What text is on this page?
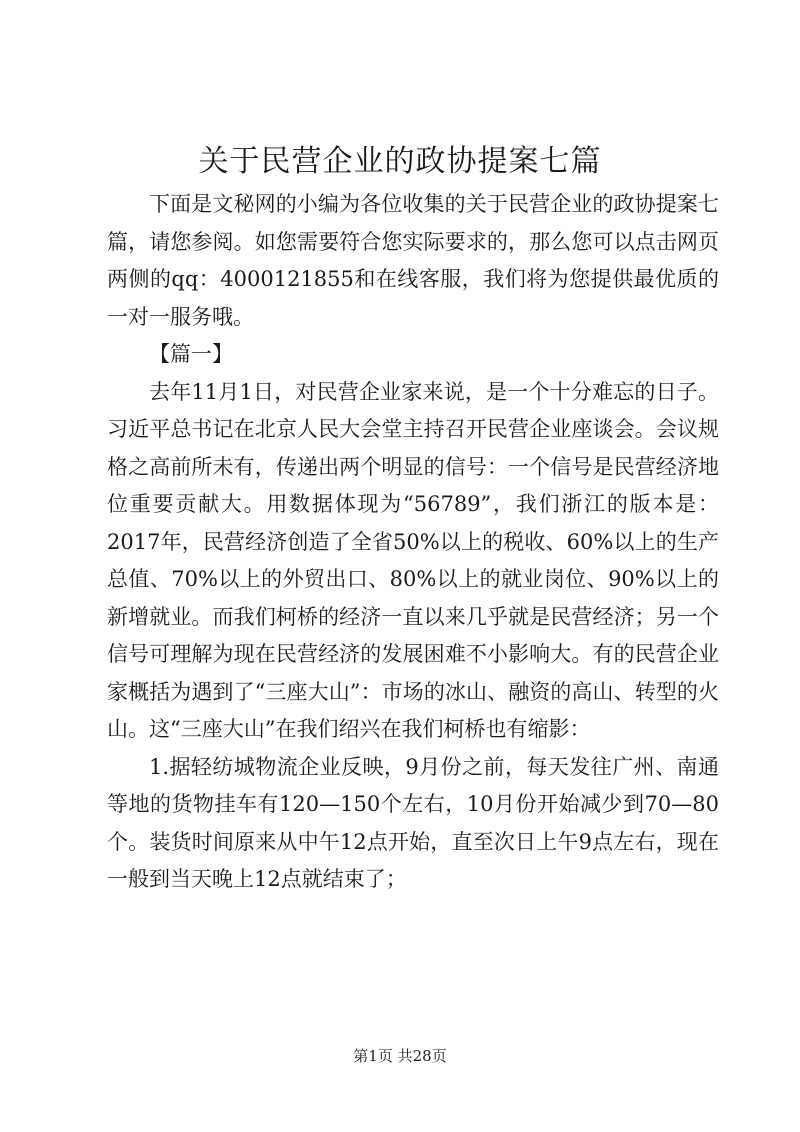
关于民营企业的政协提案七篇

下面是文秘网的小编为各位收集的关于民营企业的政协提案七篇，请您参阅。如您需要符合您实际要求的，那么您可以点击网页两侧的qq：4000121855和在线客服，我们将为您提供最优质的一对一服务哦。

【篇一】

去年11月1日，对民营企业家来说，是一个十分难忘的日子。习近平总书记在北京人民大会堂主持召开民营企业座谈会。会议规格之高前所未有，传递出两个明显的信号：一个信号是民营经济地位重要贡献大。用数据体现为“56789”，我们浙江的版本是：2017年，民营经济创造了全省50%以上的税收、60%以上的生产总值、70%以上的外贸出口、80%以上的就业岗位、90%以上的新增就业。而我们柯桥的经济一直以来几乎就是民营经济；另一个信号可理解为现在民营经济的发展困难不小影响大。有的民营企业家概括为遇到了“三座大山”：市场的冰山、融资的高山、转型的火山。这“三座大山”在我们绍兴在我们柯桥也有缩影：

1.据轻纺城物流企业反映，9月份之前，每天发往广州、南通等地的货物挂车有120—150个左右，10月份开始减少到70—80个。装货时间原来从中午12点开始，直至次日上午9点左右，现在一般到当天晚上12点就结束了；

第1页 共28页
